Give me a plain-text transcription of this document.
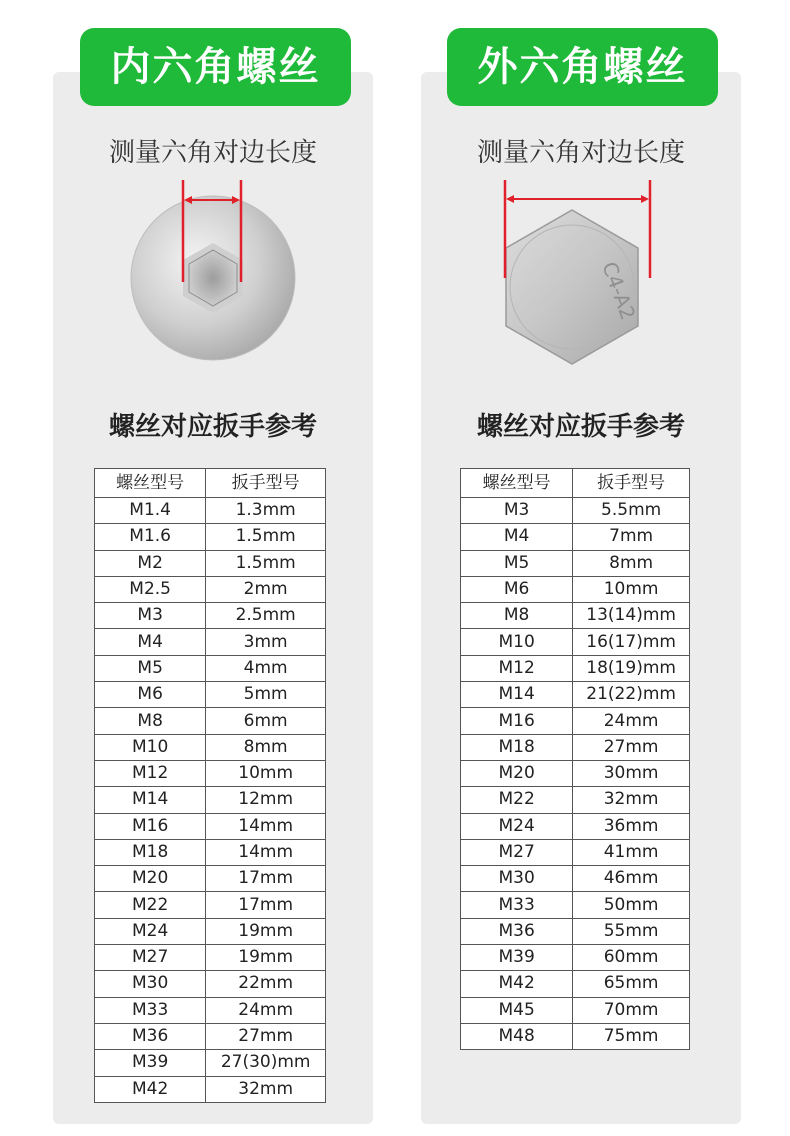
内六角螺丝	外六角螺丝
测量六角对边长度	测量六角对边长度
C4-A2
螺丝对应扳手参考	螺丝对应扳手参考
螺丝型号	扳手型号
M1.4	1.3mm
M1.6	1.5mm
M2	1.5mm
M2.5	2mm
M3	2.5mm
M4	3mm
M5	4mm
M6	5mm
M8	6mm
M10	8mm
M12	10mm
M14	12mm
M16	14mm
M18	14mm
M20	17mm
M22	17mm
M24	19mm
M27	19mm
M30	22mm
M33	24mm
M36	27mm
M39	27(30)mm
M42	32mm
螺丝型号	扳手型号
M3	5.5mm
M4	7mm
M5	8mm
M6	10mm
M8	13(14)mm
M10	16(17)mm
M12	18(19)mm
M14	21(22)mm
M16	24mm
M18	27mm
M20	30mm
M22	32mm
M24	36mm
M27	41mm
M30	46mm
M33	50mm
M36	55mm
M39	60mm
M42	65mm
M45	70mm
M48	75mm
